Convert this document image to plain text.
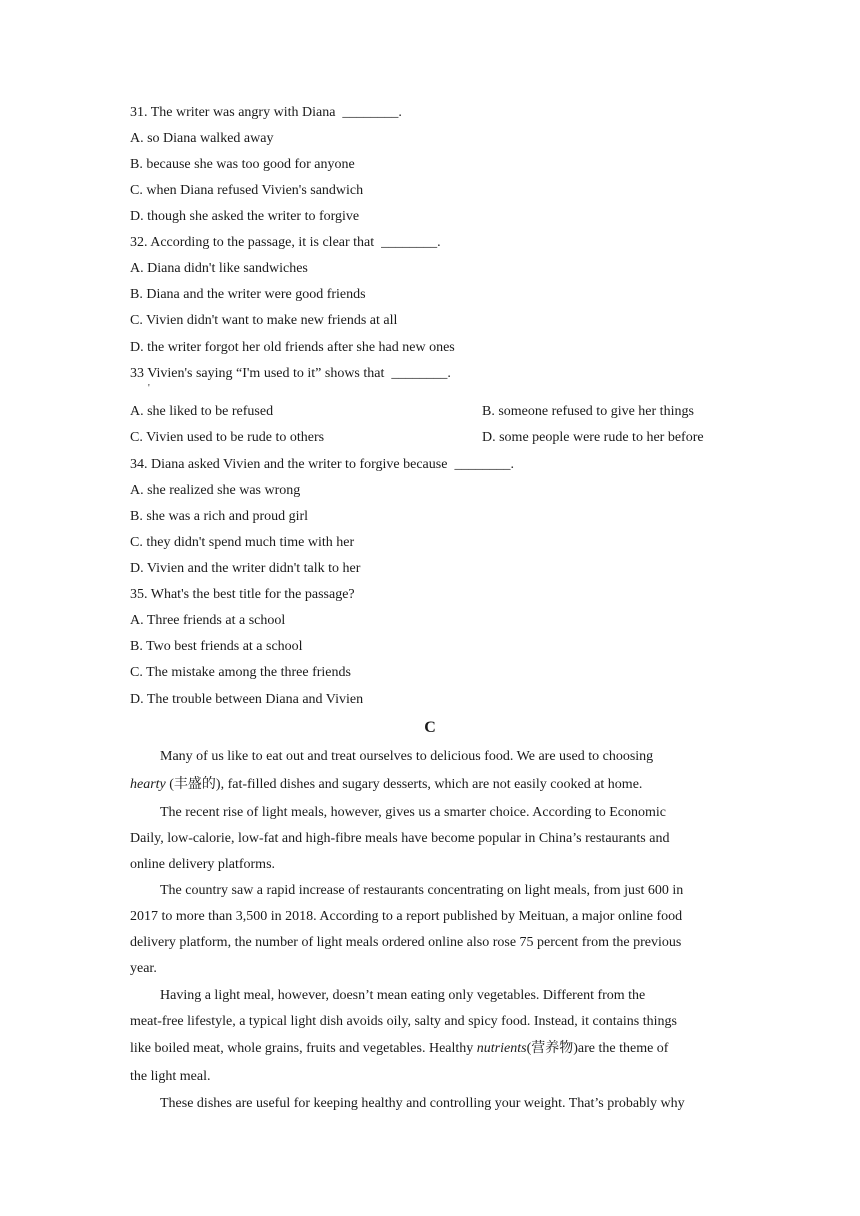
31. The writer was angry with Diana ________.
A. so Diana walked away
B. because she was too good for anyone
C. when Diana refused Vivien's sandwich
D. though she asked the writer to forgive
32. According to the passage, it is clear that ________.
A. Diana didn't like sandwiches
B. Diana and the writer were good friends
C. Vivien didn't want to make new friends at all
D. the writer forgot her old friends after she had new ones
33 Vivien's saying “I'm used to it” shows that ________.
'
A. she liked to be refused	B. someone refused to give her things
C. Vivien used to be rude to others	D. some people were rude to her before
34. Diana asked Vivien and the writer to forgive because ________.
A. she realized she was wrong
B. she was a rich and proud girl
C. they didn't spend much time with her
D. Vivien and the writer didn't talk to her
35. What's the best title for the passage?
A. Three friends at a school
B. Two best friends at a school
C. The mistake among the three friends
D. The trouble between Diana and Vivien
C
Many of us like to eat out and treat ourselves to delicious food. We are used to choosing
hearty (丰盛的), fat-filled dishes and sugary desserts, which are not easily cooked at home.
The recent rise of light meals, however, gives us a smarter choice. According to Economic
Daily, low-calorie, low-fat and high-fibre meals have become popular in China’s restaurants and
online delivery platforms.
The country saw a rapid increase of restaurants concentrating on light meals, from just 600 in
2017 to more than 3,500 in 2018. According to a report published by Meituan, a major online food
delivery platform, the number of light meals ordered online also rose 75 percent from the previous
year.
Having a light meal, however, doesn’t mean eating only vegetables. Different from the
meat-free lifestyle, a typical light dish avoids oily, salty and spicy food. Instead, it contains things
like boiled meat, whole grains, fruits and vegetables. Healthy nutrients(营养物)are the theme of
the light meal.
These dishes are useful for keeping healthy and controlling your weight. That’s probably why
